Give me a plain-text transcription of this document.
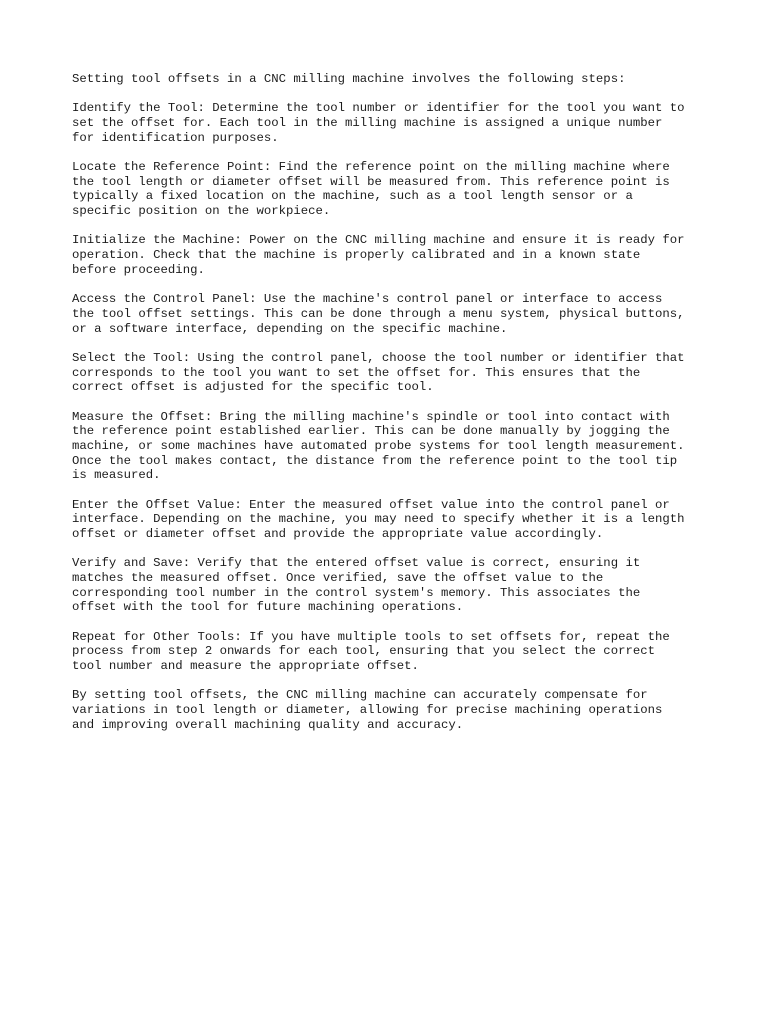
Setting tool offsets in a CNC milling machine involves the following steps:

Identify the Tool: Determine the tool number or identifier for the tool you want to
set the offset for. Each tool in the milling machine is assigned a unique number
for identification purposes.

Locate the Reference Point: Find the reference point on the milling machine where
the tool length or diameter offset will be measured from. This reference point is
typically a fixed location on the machine, such as a tool length sensor or a
specific position on the workpiece.

Initialize the Machine: Power on the CNC milling machine and ensure it is ready for
operation. Check that the machine is properly calibrated and in a known state
before proceeding.

Access the Control Panel: Use the machine's control panel or interface to access
the tool offset settings. This can be done through a menu system, physical buttons,
or a software interface, depending on the specific machine.

Select the Tool: Using the control panel, choose the tool number or identifier that
corresponds to the tool you want to set the offset for. This ensures that the
correct offset is adjusted for the specific tool.

Measure the Offset: Bring the milling machine's spindle or tool into contact with
the reference point established earlier. This can be done manually by jogging the
machine, or some machines have automated probe systems for tool length measurement.
Once the tool makes contact, the distance from the reference point to the tool tip
is measured.

Enter the Offset Value: Enter the measured offset value into the control panel or
interface. Depending on the machine, you may need to specify whether it is a length
offset or diameter offset and provide the appropriate value accordingly.

Verify and Save: Verify that the entered offset value is correct, ensuring it
matches the measured offset. Once verified, save the offset value to the
corresponding tool number in the control system's memory. This associates the
offset with the tool for future machining operations.

Repeat for Other Tools: If you have multiple tools to set offsets for, repeat the
process from step 2 onwards for each tool, ensuring that you select the correct
tool number and measure the appropriate offset.

By setting tool offsets, the CNC milling machine can accurately compensate for
variations in tool length or diameter, allowing for precise machining operations
and improving overall machining quality and accuracy.
